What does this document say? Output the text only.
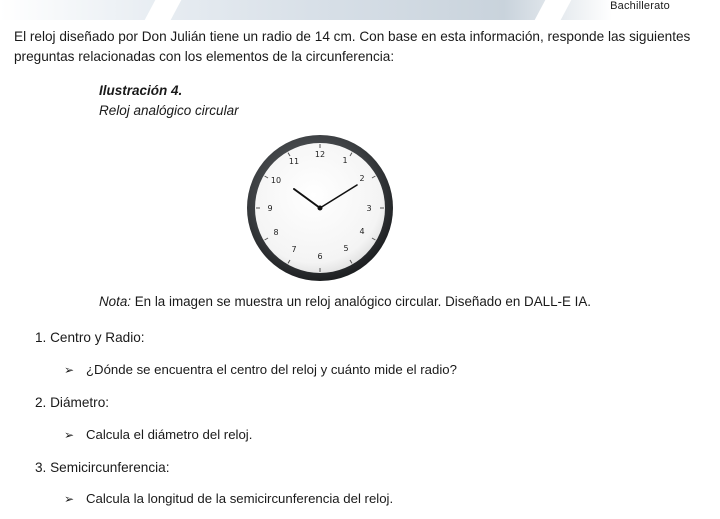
Bachillerato

El reloj diseñado por Don Julián tiene un radio de 14 cm. Con base en esta información, responde las siguientes preguntas relacionadas con los elementos de la circunferencia:

Ilustración 4.
Reloj analógico circular
12
1
2
3
4
5
6
7
8
9
10
11
Nota: En la imagen se muestra un reloj analógico circular. Diseñado en DALL-E IA.
1. Centro y Radio:
➢ ¿Dónde se encuentra el centro del reloj y cuánto mide el radio?
2. Diámetro:
➢ Calcula el diámetro del reloj.
3. Semicircunferencia:
➢ Calcula la longitud de la semicircunferencia del reloj.
